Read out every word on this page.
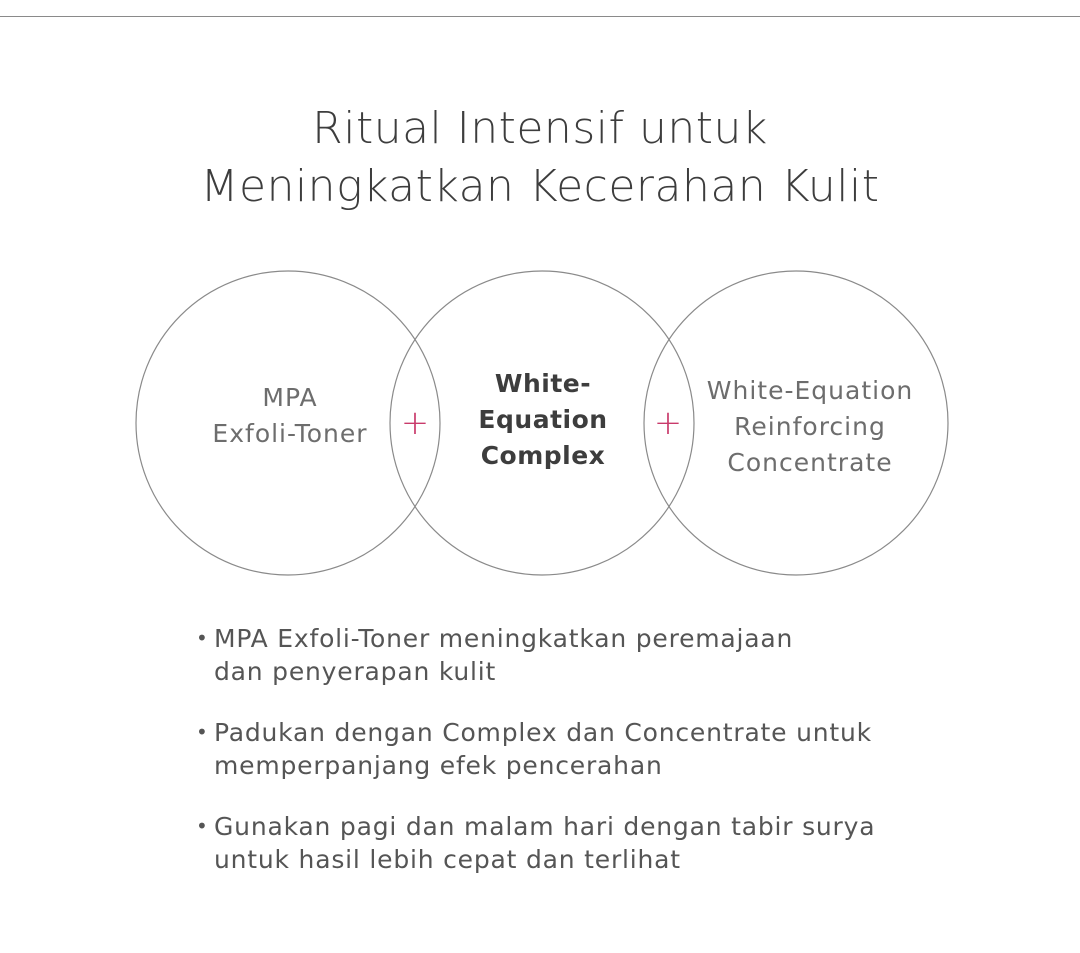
Ritual Intensif untuk
Meningkatkan Kecerahan Kulit
MPA
Exfoli-Toner
White-
Equation
Complex
White-Equation
Reinforcing
Concentrate
+	+
• MPA Exfoli-Toner meningkatkan peremajaan
dan penyerapan kulit
• Padukan dengan Complex dan Concentrate untuk
memperpanjang efek pencerahan
• Gunakan pagi dan malam hari dengan tabir surya
untuk hasil lebih cepat dan terlihat
